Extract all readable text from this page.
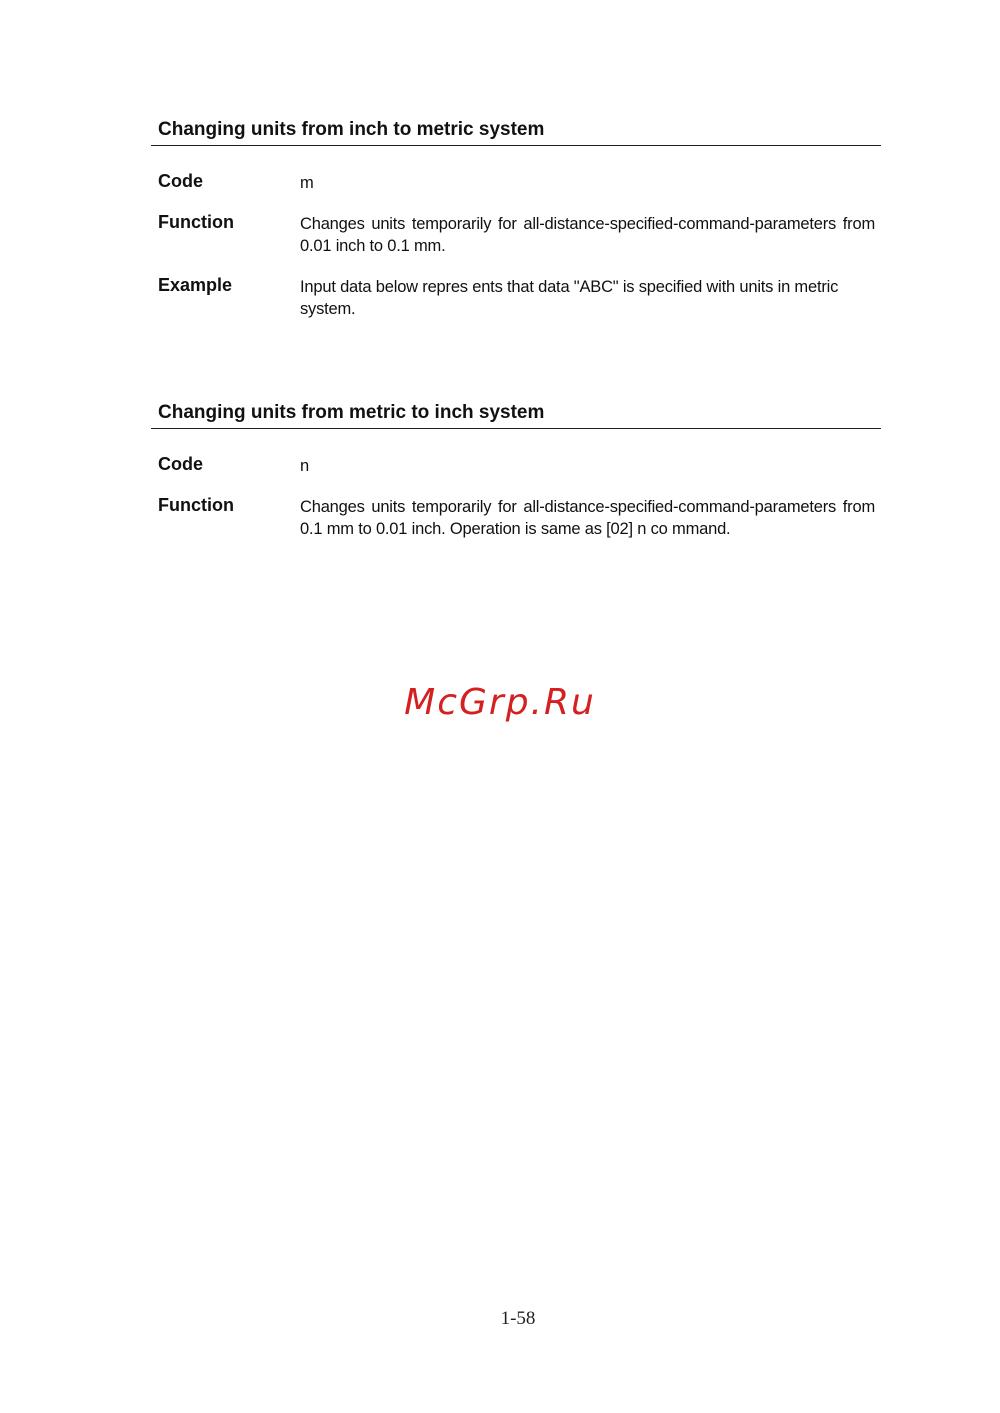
Changing units from inch to metric system
Code	m
Function	Changes units temporarily for all-distance-specified-command-parameters from 0.01 inch to 0.1 mm.
Example	Input data below repres ents that data "ABC" is specified with units in metric system.
Changing units from metric to inch system
Code	n
Function	Changes units temporarily for all-distance-specified-command-parameters from 0.1 mm to 0.01 inch. Operation is same as [02] n co mmand.
McGrp.Ru
1-58
